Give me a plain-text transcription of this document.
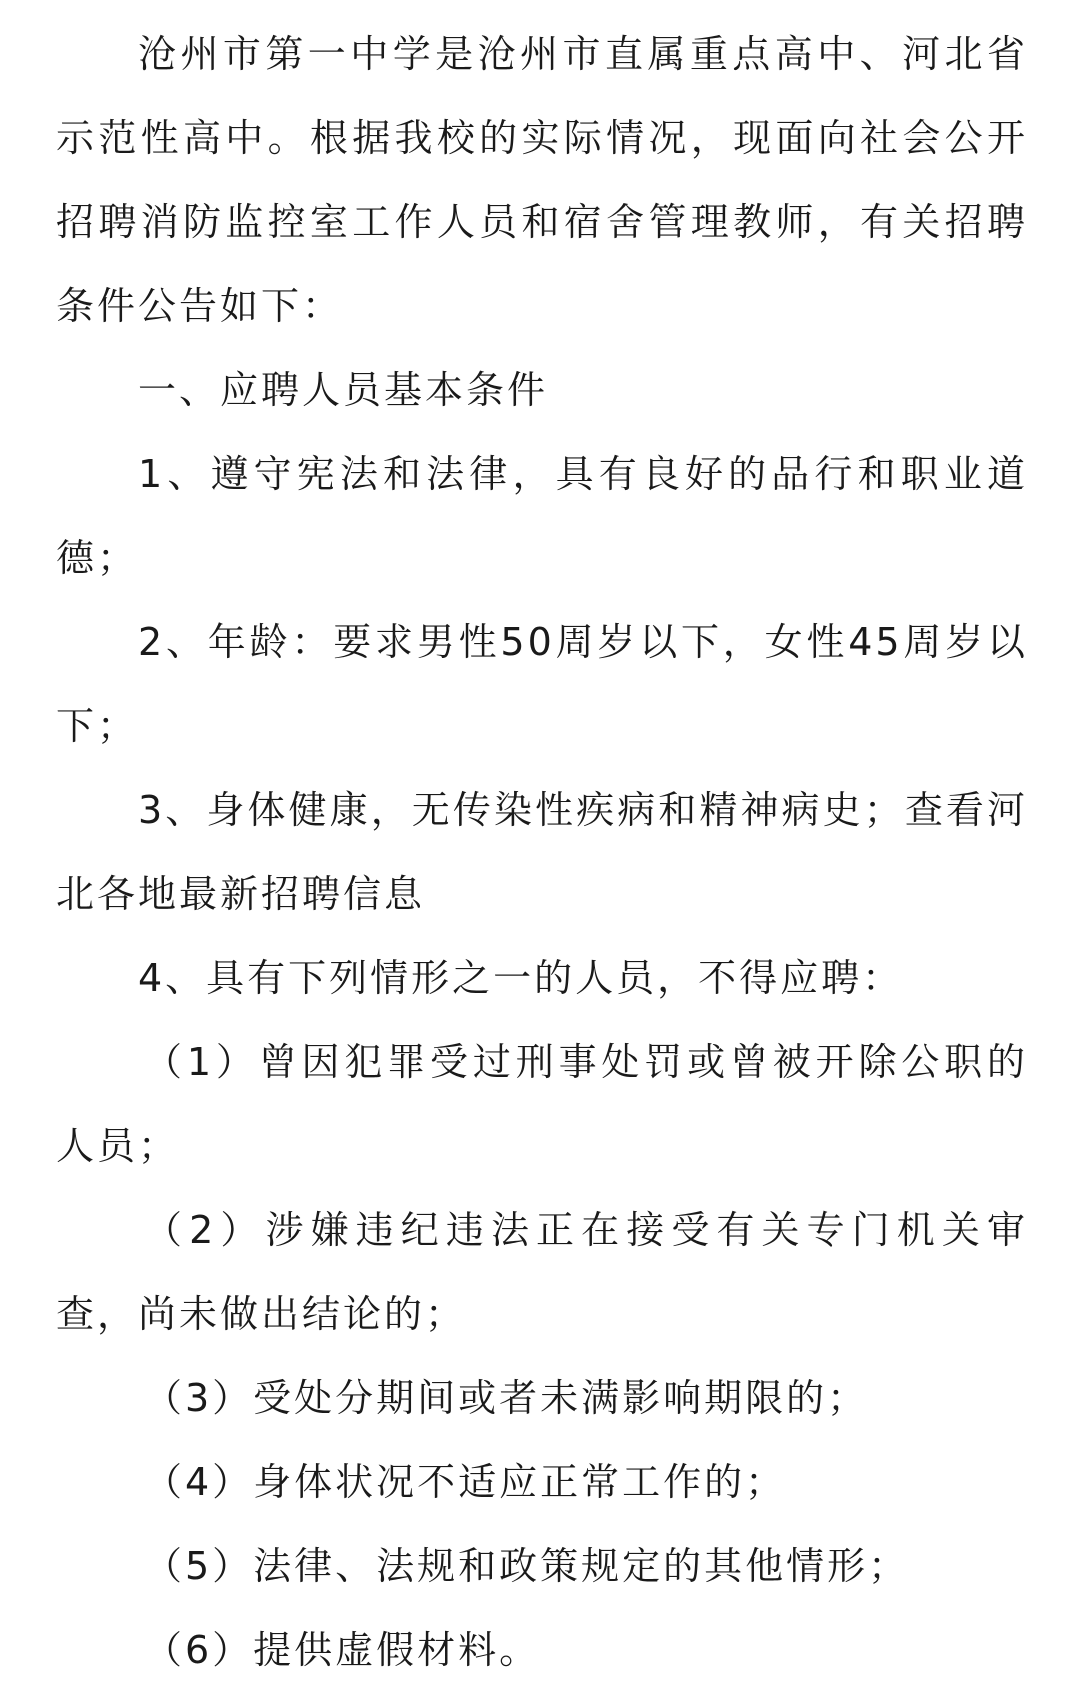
沧州市第一中学是沧州市直属重点高中、河北省示范性高中。根据我校的实际情况，现面向社会公开招聘消防监控室工作人员和宿舍管理教师，有关招聘条件公告如下：

一、应聘人员基本条件

1、遵守宪法和法律，具有良好的品行和职业道德；

2、年龄：要求男性50周岁以下，女性45周岁以下；

3、身体健康，无传染性疾病和精神病史；查看河北各地最新招聘信息

4、具有下列情形之一的人员，不得应聘：

（1）曾因犯罪受过刑事处罚或曾被开除公职的人员；

（2）涉嫌违纪违法正在接受有关专门机关审查，尚未做出结论的；

（3）受处分期间或者未满影响期限的；

（4）身体状况不适应正常工作的；

（5）法律、法规和政策规定的其他情形；

（6）提供虚假材料。
